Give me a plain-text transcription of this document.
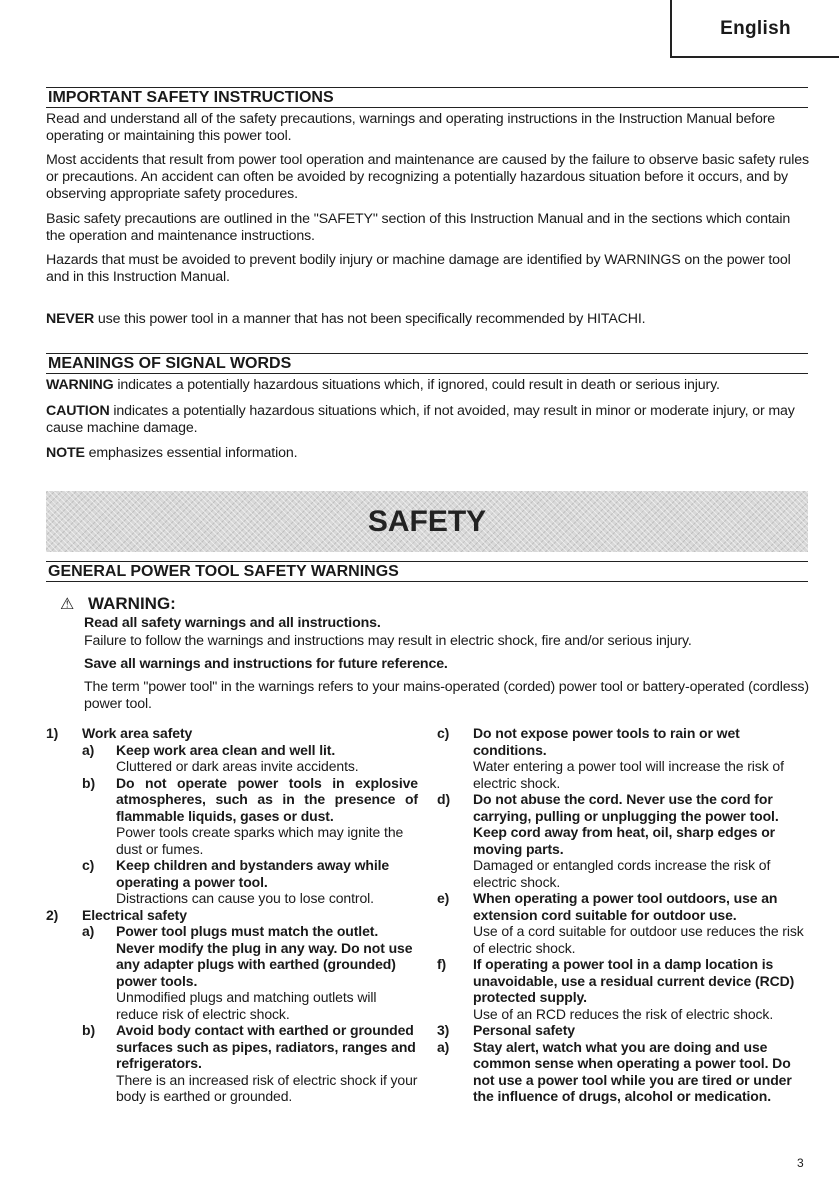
English
IMPORTANT SAFETY INSTRUCTIONS
Read and understand all of the safety precautions, warnings and operating instructions in the Instruction Manual before operating or maintaining this power tool.
Most accidents that result from power tool operation and maintenance are caused by the failure to observe basic safety rules or precautions. An accident can often be avoided by recognizing a potentially hazardous situation before it occurs, and by observing appropriate safety procedures.
Basic safety precautions are outlined in the "SAFETY" section of this Instruction Manual and in the sections which contain the operation and maintenance instructions.
Hazards that must be avoided to prevent bodily injury or machine damage are identified by WARNINGS on the power tool and in this Instruction Manual.
NEVER use this power tool in a manner that has not been specifically recommended by HITACHI.
MEANINGS OF SIGNAL WORDS
WARNING indicates a potentially hazardous situations which, if ignored, could result in death or serious injury.
CAUTION indicates a potentially hazardous situations which, if not avoided, may result in minor or moderate injury, or may cause machine damage.
NOTE emphasizes essential information.
SAFETY
GENERAL POWER TOOL SAFETY WARNINGS
⚠ WARNING:
Read all safety warnings and all instructions.
Failure to follow the warnings and instructions may result in electric shock, fire and/or serious injury.
Save all warnings and instructions for future reference.
The term "power tool" in the warnings refers to your mains-operated (corded) power tool or battery-operated (cordless) power tool.
1) Work area safety
a) Keep work area clean and well lit.
Cluttered or dark areas invite accidents.
b) Do not operate power tools in explosive atmospheres, such as in the presence of flammable liquids, gases or dust.
Power tools create sparks which may ignite the dust or fumes.
c) Keep children and bystanders away while operating a power tool.
Distractions can cause you to lose control.
2) Electrical safety
a) Power tool plugs must match the outlet. Never modify the plug in any way. Do not use any adapter plugs with earthed (grounded) power tools.
Unmodified plugs and matching outlets will reduce risk of electric shock.
b) Avoid body contact with earthed or grounded surfaces such as pipes, radiators, ranges and refrigerators.
There is an increased risk of electric shock if your body is earthed or grounded.
c) Do not expose power tools to rain or wet conditions.
Water entering a power tool will increase the risk of electric shock.
d) Do not abuse the cord. Never use the cord for carrying, pulling or unplugging the power tool. Keep cord away from heat, oil, sharp edges or moving parts.
Damaged or entangled cords increase the risk of electric shock.
e) When operating a power tool outdoors, use an extension cord suitable for outdoor use.
Use of a cord suitable for outdoor use reduces the risk of electric shock.
f) If operating a power tool in a damp location is unavoidable, use a residual current device (RCD) protected supply.
Use of an RCD reduces the risk of electric shock.
3) Personal safety
a) Stay alert, watch what you are doing and use common sense when operating a power tool. Do not use a power tool while you are tired or under the influence of drugs, alcohol or medication.
3
